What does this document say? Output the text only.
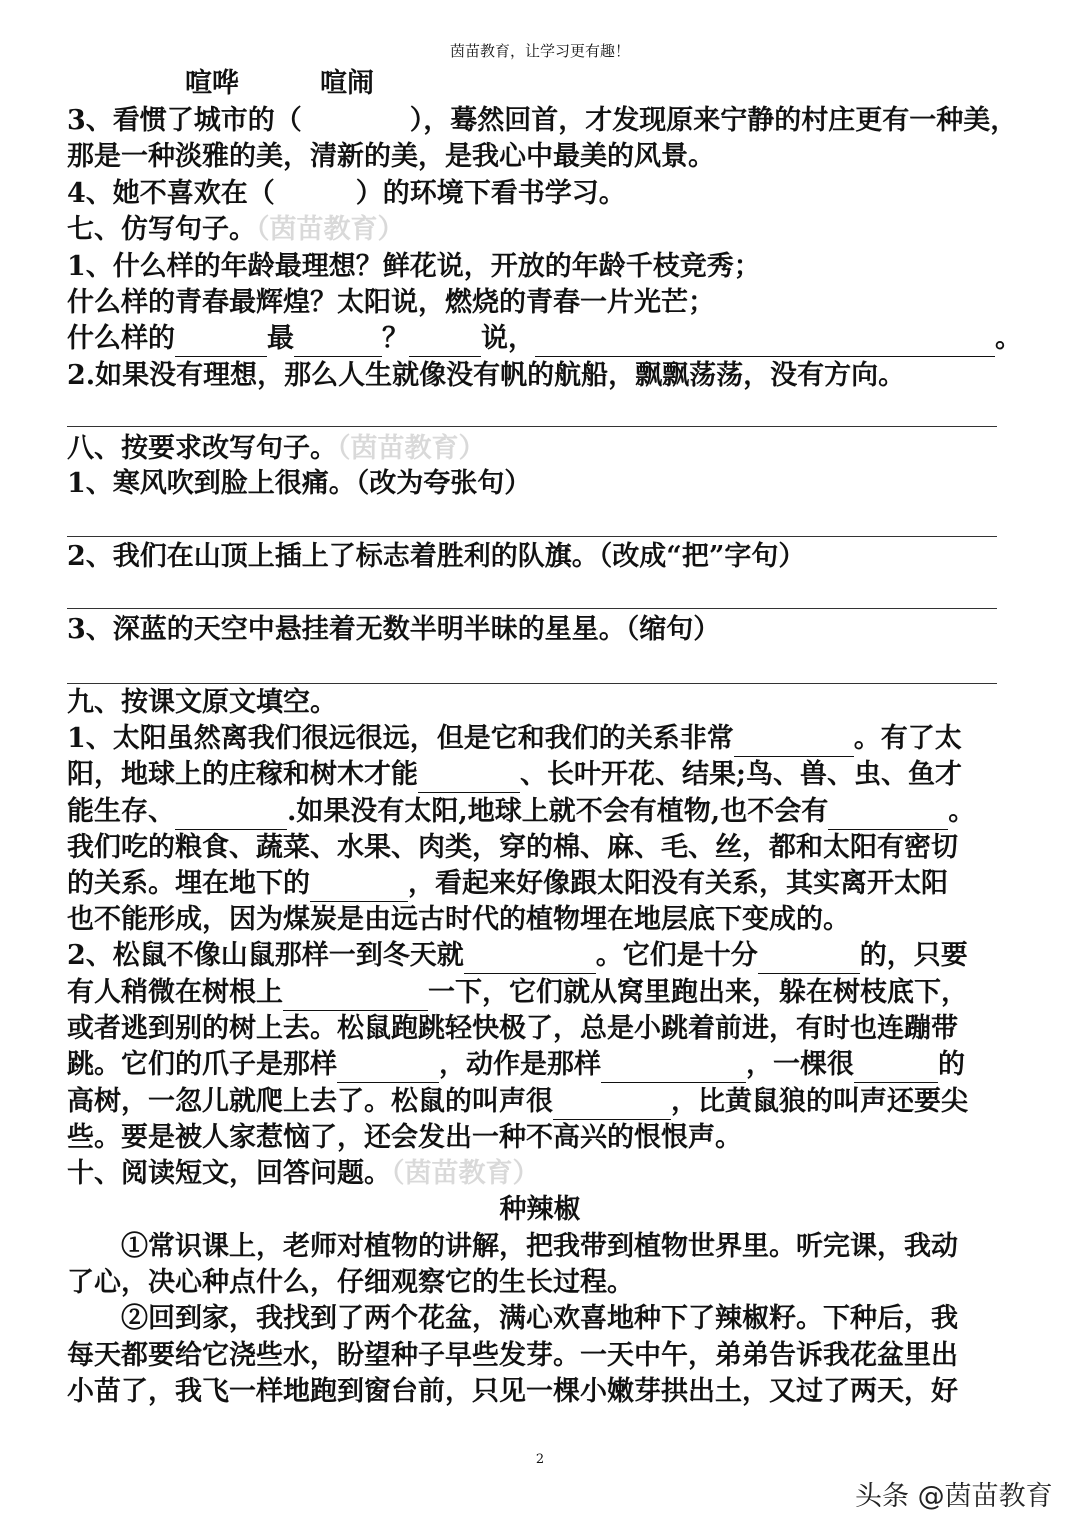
茵苗教育，让学习更有趣！
喧哗　　　喧闹
3、看惯了城市的（　　　　），蓦然回首，才发现原来宁静的村庄更有一种美，
那是一种淡雅的美，清新的美，是我心中最美的风景。
4、她不喜欢在（　　　）的环境下看书学习。
七、仿写句子。（茵苗教育）
1、什么样的年龄最理想？鲜花说，开放的年龄千枝竞秀；
什么样的青春最辉煌？太阳说，燃烧的青春一片光芒；
什么样的	最	？	说，	。
2.如果没有理想，那么人生就像没有帆的航船，飘飘荡荡，没有方向。
八、按要求改写句子。（茵苗教育）
1、寒风吹到脸上很痛。（改为夸张句）
2、我们在山顶上插上了标志着胜利的队旗。（改成“把”字句）
3、深蓝的天空中悬挂着无数半明半昧的星星。（缩句）
九、按课文原文填空。
1、太阳虽然离我们很远很远，但是它和我们的关系非常	。有了太
阳，地球上的庄稼和树木才能	、长叶开花、结果;鸟、兽、虫、鱼才
能生存、	.如果没有太阳,地球上就不会有植物,也不会有	。
我们吃的粮食、蔬菜、水果、肉类，穿的棉、麻、毛、丝，都和太阳有密切
的关系。埋在地下的	，看起来好像跟太阳没有关系，其实离开太阳
也不能形成，因为煤炭是由远古时代的植物埋在地层底下变成的。
2、松鼠不像山鼠那样一到冬天就	。它们是十分	的，只要
有人稍微在树根上	一下，它们就从窝里跑出来，躲在树枝底下，
或者逃到别的树上去。松鼠跑跳轻快极了，总是小跳着前进，有时也连蹦带
跳。它们的爪子是那样	，动作是那样	，一棵很	的
高树，一忽儿就爬上去了。松鼠的叫声很	，比黄鼠狼的叫声还要尖
些。要是被人家惹恼了，还会发出一种不高兴的恨恨声。
十、阅读短文，回答问题。（茵苗教育）
种辣椒
①常识课上，老师对植物的讲解，把我带到植物世界里。听完课，我动
了心，决心种点什么，仔细观察它的生长过程。
②回到家，我找到了两个花盆，满心欢喜地种下了辣椒籽。下种后，我
每天都要给它浇些水，盼望种子早些发芽。一天中午，弟弟告诉我花盆里出
小苗了，我飞一样地跑到窗台前，只见一棵小嫩芽拱出土，又过了两天，好
2
头条 @茵苗教育
